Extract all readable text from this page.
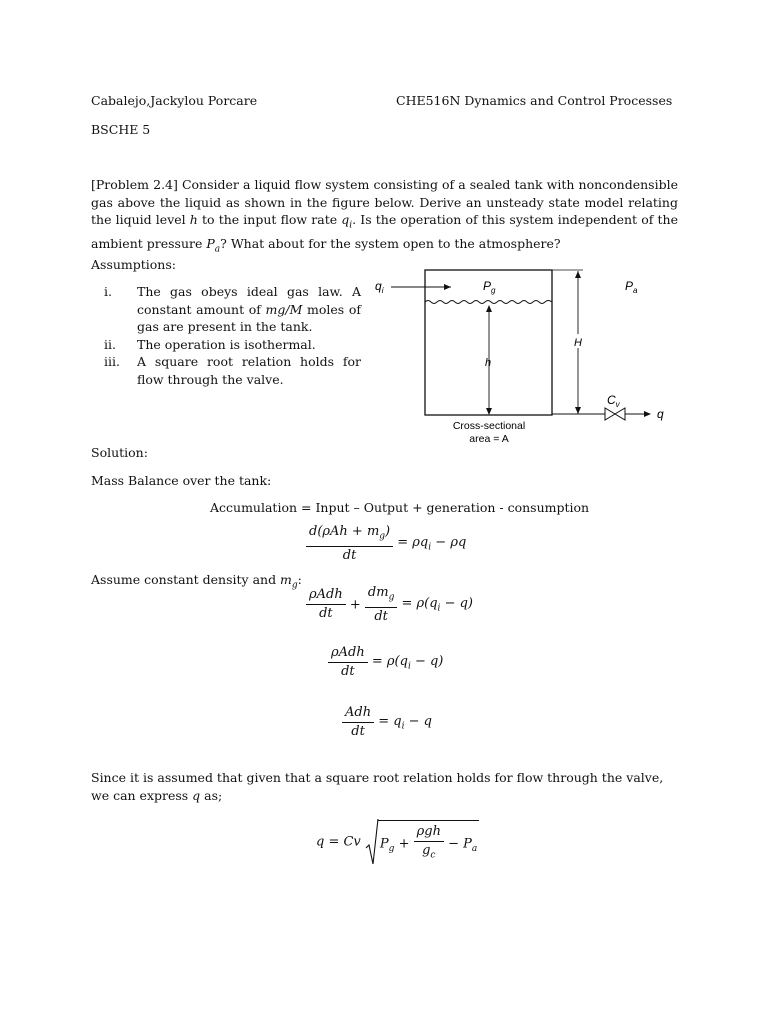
Cabalejo,Jackylou Porcare	CHE516N Dynamics and Control Processes
BSCHE 5
[Problem 2.4] Consider a liquid flow system consisting of a sealed tank with noncondensible gas above the liquid as shown in the figure below. Derive an unsteady state model relating the liquid level h to the input flow rate $q_i$. Is the operation of this system independent of the ambient pressure $P_a$? What about for the system open to the atmosphere?
Assumptions:
i. The gas obeys ideal gas law. A constant amount of mg/M moles of gas are present in the tank.
ii. The operation is isothermal.
iii. A square root relation holds for flow through the valve.
$q_i$	$P_g$
h
H
$P_a$
$C_v$
q
Cross-sectional
area = A
Solution:
Mass Balance over the tank:
Accumulation = Input – Output + generation - consumption
$\frac{d(\rho Ah + m_g)}{dt} = \rho q_i - \rho q$
Assume constant density and $m_g$:
$\frac{\text{ρAdh}}{dt} + \frac{dm_g}{dt} = \rho(q_i - q)$
$\frac{\text{ρAdh}}{dt} = \rho(q_i - q)$
$\frac{\text{Adh}}{dt} = q_i - q$
Since it is assumed that given that a square root relation holds for flow through the valve, we can express q as;
q = Cv $P_g + \frac{\text{ρgh}}{g_c} - P_a$
